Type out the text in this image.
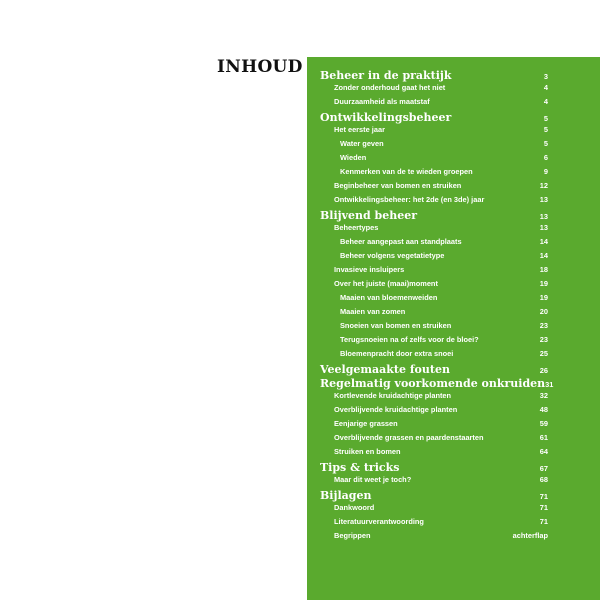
INHOUD Beheer in de praktijk	3
Zonder onderhoud gaat het niet	4
Duurzaamheid als maatstaf	4
Ontwikkelingsbeheer	5
Het eerste jaar	5
Water geven	5
Wieden	6
Kenmerken van de te wieden groepen	9
Beginbeheer van bomen en struiken	12
Ontwikkelingsbeheer: het 2de (en 3de) jaar	13
Blijvend beheer	13
Beheertypes	13
Beheer aangepast aan standplaats	14
Beheer volgens vegetatietype	14
Invasieve insluipers	18
Over het juiste (maai)moment	19
Maaien van bloemenweiden	19
Maaien van zomen	20
Snoeien van bomen en struiken	23
Terugsnoeien na of zelfs voor de bloei?	23
Bloemenpracht door extra snoei	25
Veelgemaakte fouten	26
Regelmatig voorkomende onkruiden 31
Kortlevende kruidachtige planten	32
Overblijvende kruidachtige planten	48
Eenjarige grassen	59
Overblijvende grassen en paardenstaarten	61
Struiken en bomen	64
Tips & tricks	67
Maar dit weet je toch?	68
Bijlagen	71
Dankwoord	71
Literatuurverantwoording	71
Begrippen	achterflap
